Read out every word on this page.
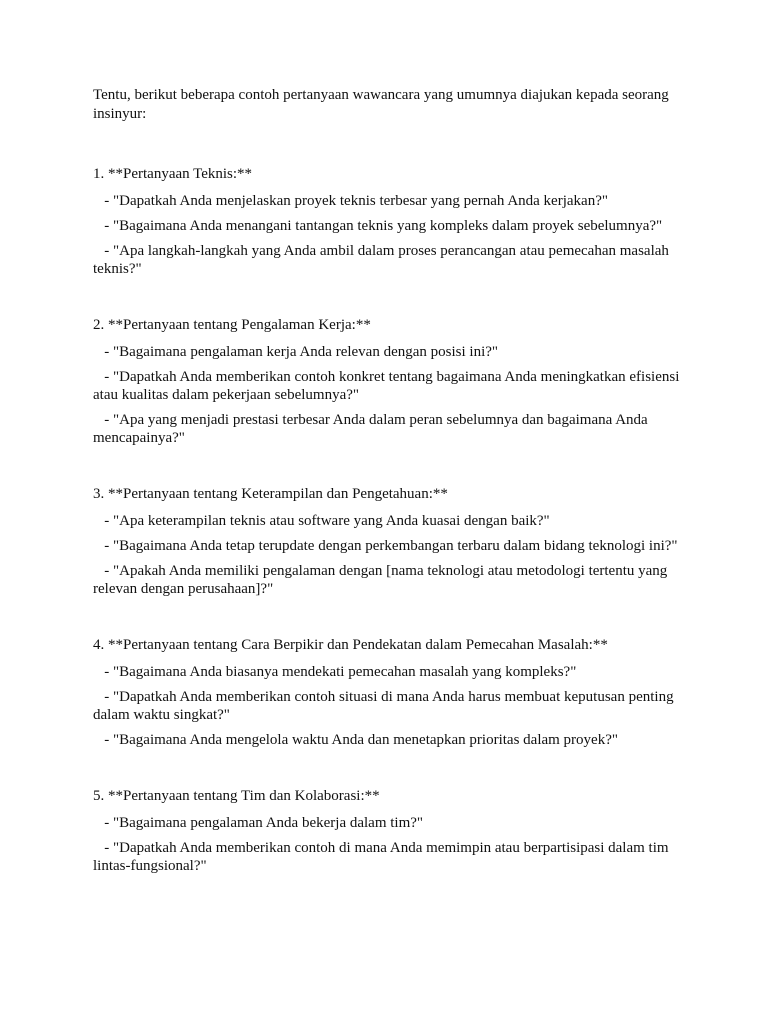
Tentu, berikut beberapa contoh pertanyaan wawancara yang umumnya diajukan kepada seorang insinyur:

1. **Pertanyaan Teknis:**

- "Dapatkah Anda menjelaskan proyek teknis terbesar yang pernah Anda kerjakan?"

- "Bagaimana Anda menangani tantangan teknis yang kompleks dalam proyek sebelumnya?"

- "Apa langkah-langkah yang Anda ambil dalam proses perancangan atau pemecahan masalah teknis?"

2. **Pertanyaan tentang Pengalaman Kerja:**

- "Bagaimana pengalaman kerja Anda relevan dengan posisi ini?"

- "Dapatkah Anda memberikan contoh konkret tentang bagaimana Anda meningkatkan efisiensi atau kualitas dalam pekerjaan sebelumnya?"

- "Apa yang menjadi prestasi terbesar Anda dalam peran sebelumnya dan bagaimana Anda mencapainya?"

3. **Pertanyaan tentang Keterampilan dan Pengetahuan:**

- "Apa keterampilan teknis atau software yang Anda kuasai dengan baik?"

- "Bagaimana Anda tetap terupdate dengan perkembangan terbaru dalam bidang teknologi ini?"

- "Apakah Anda memiliki pengalaman dengan [nama teknologi atau metodologi tertentu yang relevan dengan perusahaan]?"

4. **Pertanyaan tentang Cara Berpikir dan Pendekatan dalam Pemecahan Masalah:**

- "Bagaimana Anda biasanya mendekati pemecahan masalah yang kompleks?"

- "Dapatkah Anda memberikan contoh situasi di mana Anda harus membuat keputusan penting dalam waktu singkat?"

- "Bagaimana Anda mengelola waktu Anda dan menetapkan prioritas dalam proyek?"

5. **Pertanyaan tentang Tim dan Kolaborasi:**

- "Bagaimana pengalaman Anda bekerja dalam tim?"

- "Dapatkah Anda memberikan contoh di mana Anda memimpin atau berpartisipasi dalam tim lintas-fungsional?"
